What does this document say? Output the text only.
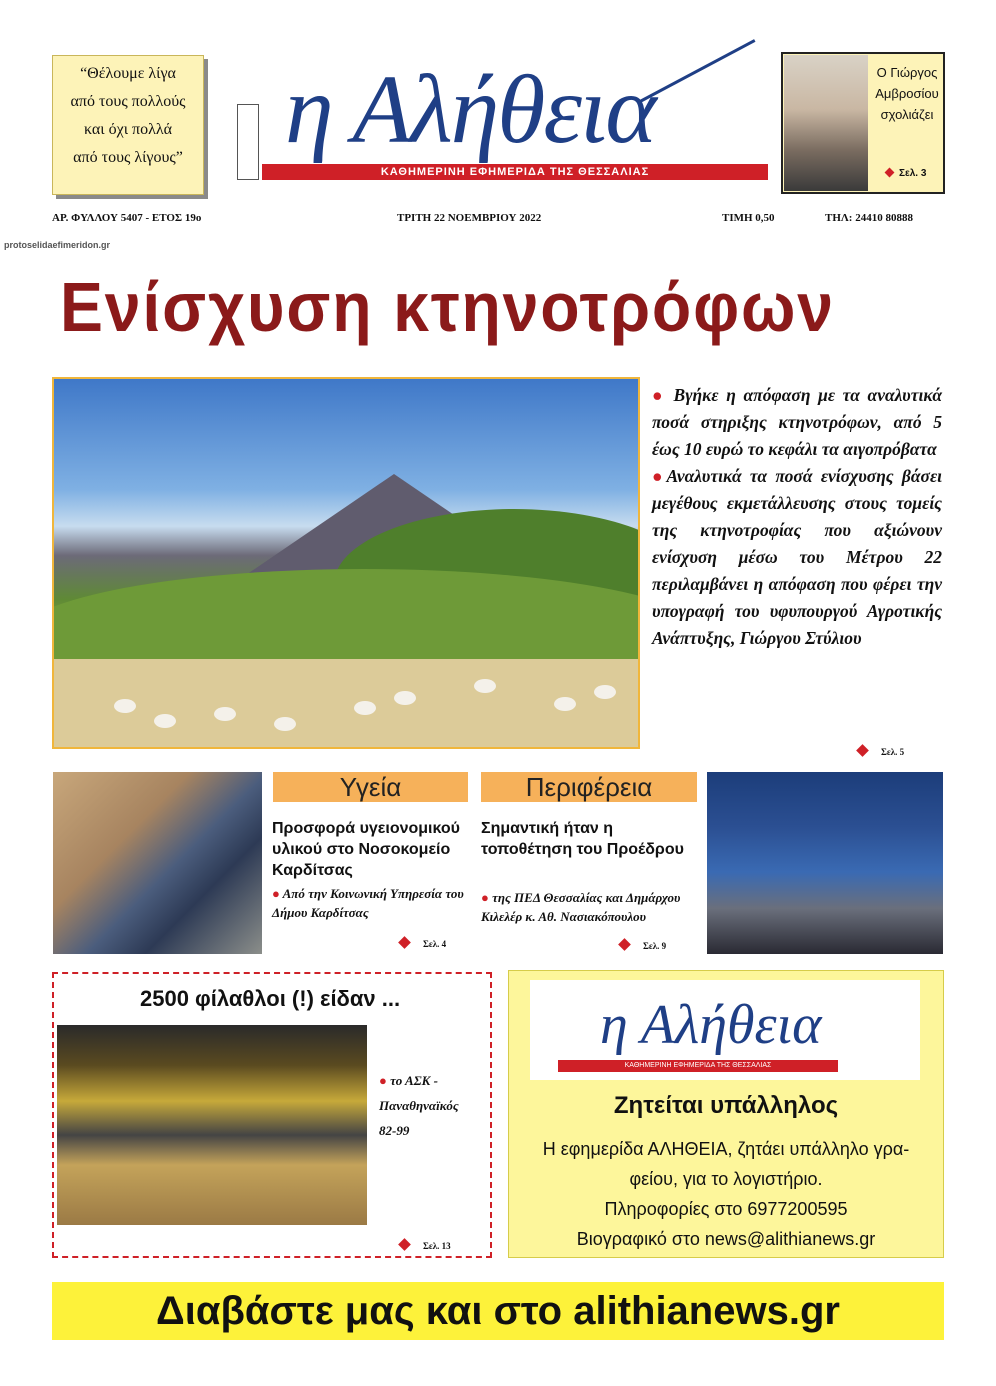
“Θέλουμε λίγα
από τους πολλούς
και όχι πολλά
από τους λίγους” η Αλήθεια
ΚΑΘΗΜΕΡΙΝΗ ΕΦΗΜΕΡΙΔΑ ΤΗΣ ΘΕΣΣΑΛΙΑΣ
Ο Γιώργος
Αμβροσίου
σχολιάζει
Σελ. 3
ΑΡ. ΦΥΛΛΟΥ 5407 - ΕΤΟΣ 19ο	ΤΡΙΤΗ 22 ΝΟΕΜΒΡΙΟΥ 2022	ΤΙΜΗ 0,50	ΤΗΛ: 24410 80888
protoselidaefimeridon.gr
Ενίσχυση κτηνοτρόφων
● Βγήκε η απόφαση με τα αναλυτικά ποσά στηριξης κτηνοτρόφων, από 5 έως 10 ευρώ το κεφάλι τα αιγοπρόβατα
●Αναλυτικά τα ποσά ενίσχυσης βάσει μεγέθους εκμετάλλευσης στους τομείς της κτηνοτροφίας που αξιώνουν ενίσχυση μέσω του Μέτρου 22 περιλαμβάνει η απόφαση που φέρει την υπογραφή του υφυπουργού Αγροτικής Ανάπτυξης, Γιώργου Στύλιου
Σελ. 5
Υγεία
Προσφορά υγειονομικού υλικού στο Νοσοκομείο Καρδίτσας
● Από την Κοινωνική Υπηρεσία του Δήμου Καρδίτσας
Σελ. 4
Περιφέρεια
Σημαντική ήταν η τοποθέτηση του Προέδρου
● της ΠΕΔ Θεσσαλίας και Δημάρχου Κιλελέρ κ. Αθ. Νασιακόπουλου
Σελ. 9
2500 φίλαθλοι (!) είδαν ...
● το ΑΣΚ - Παναθηναϊκός 82-99
Σελ. 13
η Αλήθεια
ΚΑΘΗΜΕΡΙΝΗ ΕΦΗΜΕΡΙΔΑ ΤΗΣ ΘΕΣΣΑΛΙΑΣ
Ζητείται υπάλληλος
Η εφημερίδα ΑΛΗΘΕΙΑ, ζητάει υπάλληλο γρα-
φείου, για το λογιστήριο.
Πληροφορίες στο 6977200595
Βιογραφικό στο news@alithianews.gr
Διαβάστε μας και στο alithianews.gr
